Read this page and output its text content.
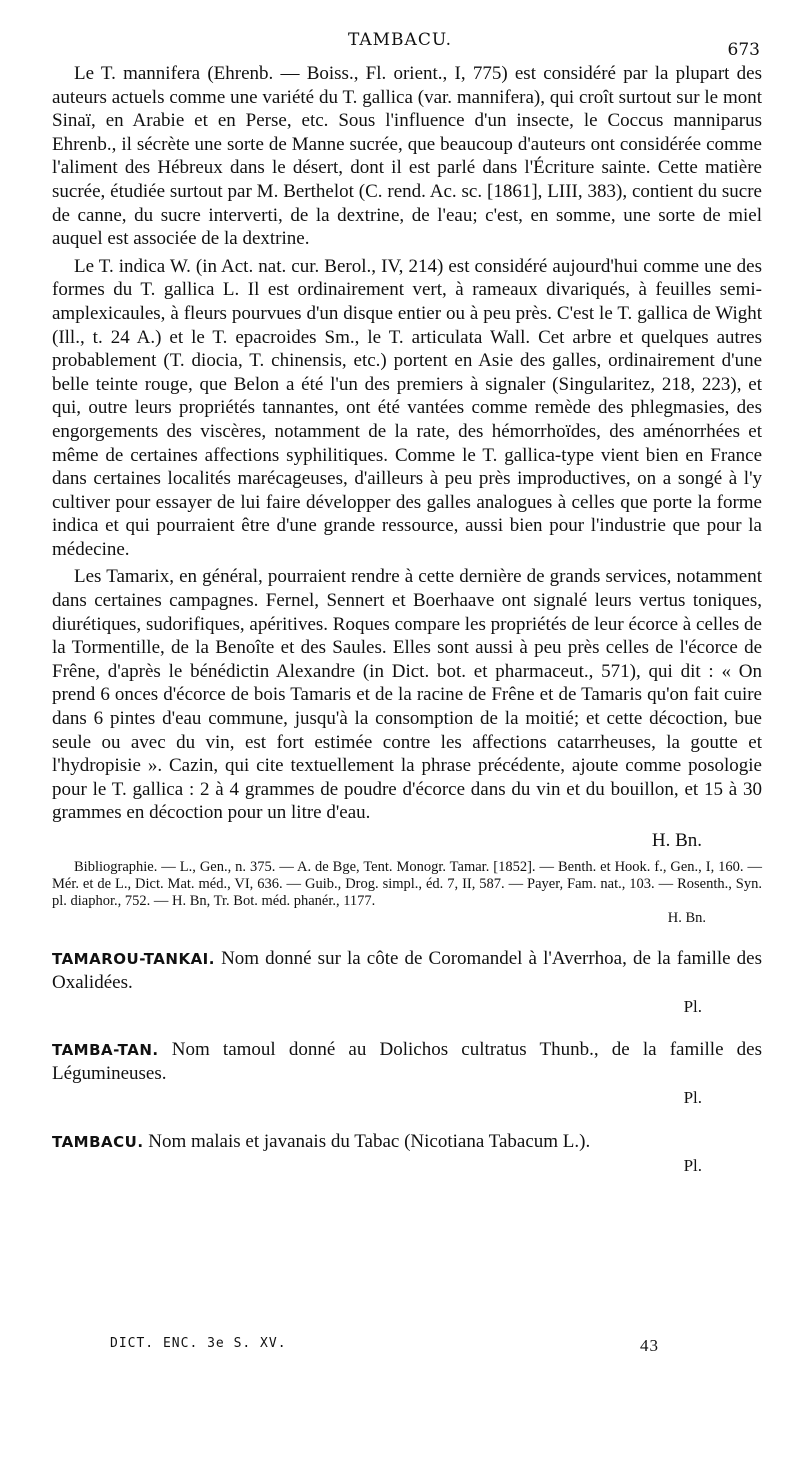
TAMBACU.	673

Le T. mannifera (Ehrenb. — Boiss., Fl. orient., I, 775) est considéré par la plupart des auteurs actuels comme une variété du T. gallica (var. mannifera), qui croît surtout sur le mont Sinaï, en Arabie et en Perse, etc. Sous l'influence d'un insecte, le Coccus manniparus Ehrenb., il sécrète une sorte de Manne sucrée, que beaucoup d'auteurs ont considérée comme l'aliment des Hébreux dans le désert, dont il est parlé dans l'Écriture sainte. Cette matière sucrée, étudiée surtout par M. Berthelot (C. rend. Ac. sc. [1861], LIII, 383), contient du sucre de canne, du sucre interverti, de la dextrine, de l'eau; c'est, en somme, une sorte de miel auquel est associée de la dextrine.

Le T. indica W. (in Act. nat. cur. Berol., IV, 214) est considéré aujourd'hui comme une des formes du T. gallica L. Il est ordinairement vert, à rameaux divariqués, à feuilles semi-amplexicaules, à fleurs pourvues d'un disque entier ou à peu près. C'est le T. gallica de Wight (Ill., t. 24 A.) et le T. epacroides Sm., le T. articulata Wall. Cet arbre et quelques autres probablement (T. diocia, T. chinensis, etc.) portent en Asie des galles, ordinairement d'une belle teinte rouge, que Belon a été l'un des premiers à signaler (Singularitez, 218, 223), et qui, outre leurs propriétés tannantes, ont été vantées comme remède des phlegmasies, des engorgements des viscères, notamment de la rate, des hémorrhoïdes, des aménorrhées et même de certaines affections syphilitiques. Comme le T. gallica-type vient bien en France dans certaines localités marécageuses, d'ailleurs à peu près improductives, on a songé à l'y cultiver pour essayer de lui faire développer des galles analogues à celles que porte la forme indica et qui pourraient être d'une grande ressource, aussi bien pour l'industrie que pour la médecine.

Les Tamarix, en général, pourraient rendre à cette dernière de grands services, notamment dans certaines campagnes. Fernel, Sennert et Boerhaave ont signalé leurs vertus toniques, diurétiques, sudorifiques, apéritives. Roques compare les propriétés de leur écorce à celles de la Tormentille, de la Benoîte et des Saules. Elles sont aussi à peu près celles de l'écorce de Frêne, d'après le bénédictin Alexandre (in Dict. bot. et pharmaceut., 571), qui dit : « On prend 6 onces d'écorce de bois Tamaris et de la racine de Frêne et de Tamaris qu'on fait cuire dans 6 pintes d'eau commune, jusqu'à la consomption de la moitié; et cette décoction, bue seule ou avec du vin, est fort estimée contre les affections catarrheuses, la goutte et l'hydropisie ». Cazin, qui cite textuellement la phrase précédente, ajoute comme posologie pour le T. gallica : 2 à 4 grammes de poudre d'écorce dans du vin et du bouillon, et 15 à 30 grammes en décoction pour un litre d'eau.

H. Bn.
Bibliographie. — L., Gen., n. 375. — A. de Bge, Tent. Monogr. Tamar. [1852]. — Benth. et Hook. f., Gen., I, 160. — Mér. et de L., Dict. Mat. méd., VI, 636. — Guib., Drog. simpl., éd. 7, II, 587. — Payer, Fam. nat., 103. — Rosenth., Syn. pl. diaphor., 752. — H. Bn, Tr. Bot. méd. phanér., 1177.
H. Bn.
TAMAROU-TANKAI. Nom donné sur la côte de Coromandel à l'Averrhoa, de la famille des Oxalidées.
Pl.
TAMBA-TAN. Nom tamoul donné au Dolichos cultratus Thunb., de la famille des Légumineuses.
Pl.
TAMBACU. Nom malais et javanais du Tabac (Nicotiana Tabacum L.).
Pl.
DICT. ENC. 3e S. XV.	43
